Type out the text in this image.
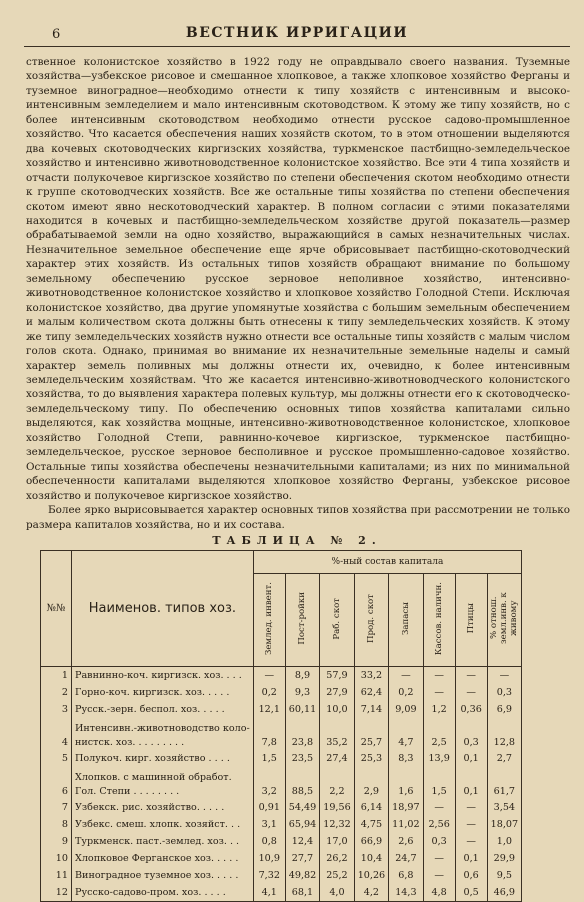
6	ВЕСТНИК ИРРИГАЦИИ

ственное колонистское хозяйство в 1922 году не оправдывало своего названия. Туземные хозяйства—узбекское рисовое и смешанное хлопковое, а также хлопковое хозяйство Ферганы и туземное виноградное—необходимо отнести к типу хозяйств с интенсивным и высоко-интенсивным земледелием и мало интенсивным скотоводством. К этому же типу хозяйств, но с более интенсивным скотоводством необходимо отнести русское садово-промышленное хозяйство. Что касается обеспечения наших хозяйств скотом, то в этом отношении выделяются два кочевых скотоводческих киргизских хозяйства, туркменское пастбищно-земледельческое хозяйство и интенсивно животноводственное колонистское хозяйство. Все эти 4 типа хозяйств и отчасти полукочевое киргизское хозяйство по степени обеспечения скотом необходимо отнести к группе скотоводческих хозяйств. Все же остальные типы хозяйства по степени обеспечения скотом имеют явно нескотоводческий характер. В полном согласии с этими показателями находится в кочевых и пастбищно-земледельческом хозяйстве другой показатель—размер обрабатываемой земли на одно хозяйство, выражающийся в самых незначительных числах. Незначительное земельное обеспечение еще ярче обрисовывает пастбищно-скотоводческий характер этих хозяйств. Из остальных типов хозяйств обращают внимание по большому земельному обеспечению русское зерновое неполивное хозяйство, интенсивно-животноводственное колонистское хозяйство и хлопковое хозяйство Голодной Степи. Исключая колонистское хозяйство, два другие упомянутые хозяйства с большим земельным обеспечением и малым количеством скота должны быть отнесены к типу земледельческих хозяйств. К этому же типу земледельческих хозяйств нужно отнести все остальные типы хозяйств с малым числом голов скота. Однако, принимая во внимание их незначительные земельные наделы и самый характер земель поливных мы должны отнести их, очевидно, к более интенсивным земледельческим хозяйствам. Что же касается интенсивно-животноводческого колонистского хозяйства, то до выявления характера полевых культур, мы должны отнести его к скотоводческо-земледельческому типу. По обеспечению основных типов хозяйства капиталами сильно выделяются, как хозяйства мощные, интенсивно-животноводственное колонистское, хлопковое хозяйство Голодной Степи, равнинно-кочевое киргизское, туркменское пастбищно-земледельческое, русское зерновое бесполивное и русское промышленно-садовое хозяйство. Остальные типы хозяйства обеспечены незначительными капиталами; из них по минимальной обеспеченности капиталами выделяются хлопковое хозяйство Ферганы, узбекское рисовое хозяйство и полукочевое киргизское хозяйство.

Более ярко вырисовывается характер основных типов хозяйства при рассмотрении не только размера капиталов хозяйства, но и их состава.

ТАБЛИЦА № 2.
№№	Наименов. типов хоз.	%-ный состав капитала							
		Землед. инвент.	Пост-ройки	Раб. скот	Прод. скот	Запасы	Кассов. наличн.	Птицы	% отнош. земл.инв. к живому
1	Равнинно-коч. киргизск. хоз. . . .	—	8,9	57,9	33,2	—	—	—	—
2	Горно-коч. киргизск. хоз. . . . .	0,2	9,3	27,9	62,4	0,2	—	—	0,3
3	Русск.-зерн. беспол. хоз. . . . .	12,1	60,11	10,0	7,14	9,09	1,2	0,36	6,9
4	Интенсивн.-животноводство коло-
нистск. хоз. . . . . . . . .	7,8	23,8	35,2	25,7	4,7	2,5	0,3	12,8
5	Полукоч. кирг. хозяйство . . . .	1,5	23,5	27,4	25,3	8,3	13,9	0,1	2,7
6	Хлопков. с машинной обработ.
Гол. Степи . . . . . . . .	3,2	88,5	2,2	2,9	1,6	1,5	0,1	61,7
7	Узбекск. рис. хозяйство. . . . .	0,91	54,49	19,56	6,14	18,97	—	—	3,54
8	Узбекс. смеш. хлопк. хозяйст. . .	3,1	65,94	12,32	4,75	11,02	2,56	—	18,07
9	Туркменск. паст.-землед. хоз. . .	0,8	12,4	17,0	66,9	2,6	0,3	—	1,0
10	Хлопковое Ферганское хоз. . . . .	10,9	27,7	26,2	10,4	24,7	—	0,1	29,9
11	Виноградное туземное хоз. . . . .	7,32	49,82	25,2	10,26	6,8	—	0,6	9,5
12	Русско-садово-пром. хоз. . . . .	4,1	68,1	4,0	4,2	14,3	4,8	0,5	46,9
